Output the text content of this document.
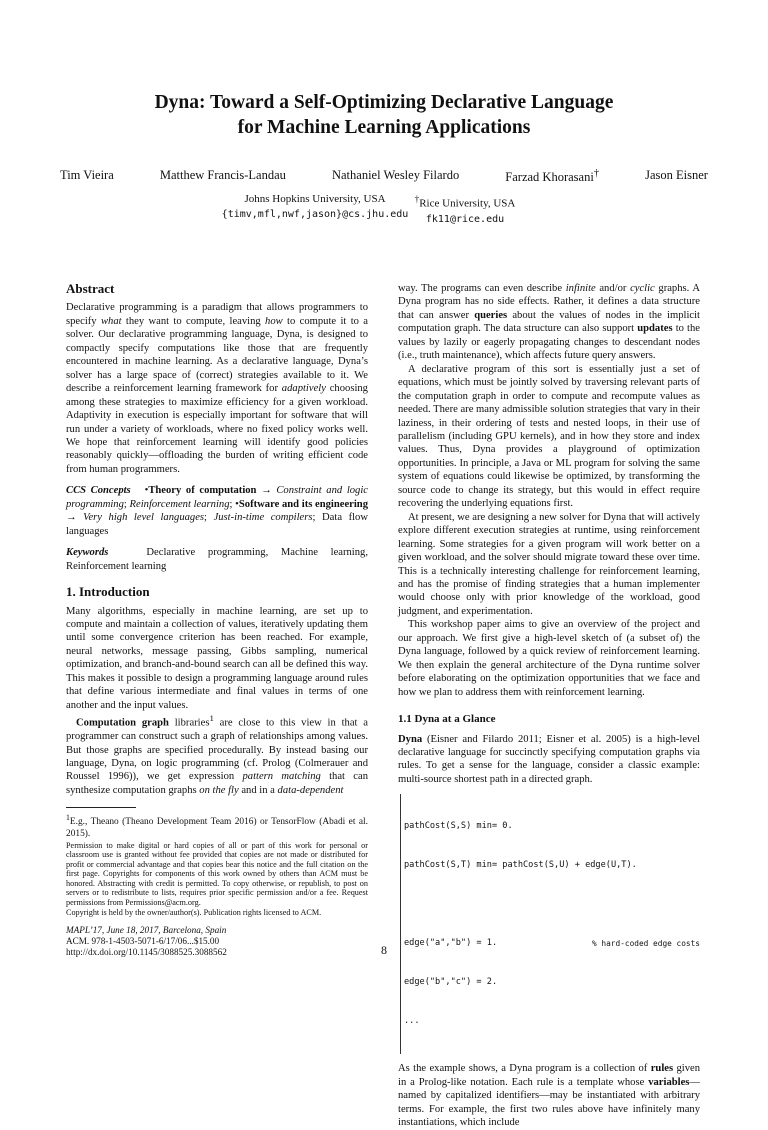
Dyna: Toward a Self-Optimizing Declarative Language
for Machine Learning Applications
Tim Vieira	Matthew Francis-Landau	Nathaniel Wesley Filardo	Farzad Khorasani†	Jason Eisner
Johns Hopkins University, USA
{timv,mfl,nwf,jason}@cs.jhu.edu
†Rice University, USA
fk11@rice.edu
Abstract

Declarative programming is a paradigm that allows programmers to specify what they want to compute, leaving how to compute it to a solver. Our declarative programming language, Dyna, is designed to compactly specify computations like those that are frequently encountered in machine learning. As a declarative language, Dyna’s solver has a large space of (correct) strategies available to it. We describe a reinforcement learning framework for adaptively choosing among these strategies to maximize efficiency for a given workload. Adaptivity in execution is especially important for software that will run under a variety of workloads, where no fixed policy works well. We hope that reinforcement learning will identify good policies reasonably quickly—offloading the burden of writing efficient code from human programmers.

CCS Concepts •Theory of computation → Constraint and logic programming; Reinforcement learning; •Software and its engineering → Very high level languages; Just-in-time compilers; Data flow languages

Keywords	Declarative programming, Machine learning, Reinforcement learning

1. Introduction

Many algorithms, especially in machine learning, are set up to compute and maintain a collection of values, iteratively updating them until some convergence criterion has been reached. For example, neural networks, message passing, Gibbs sampling, numerical optimization, and branch-and-bound search can all be defined this way. This makes it possible to design a programming language around rules that define various intermediate and final values in terms of one another and the input values.

Computation graph libraries$^1$ are close to this view in that a programmer can construct such a graph of relationships among values. But those graphs are specified procedurally. By instead basing our language, Dyna, on logic programming (cf. Prolog (Colmerauer and Roussel 1996)), we get expression pattern matching that can synthesize computation graphs on the fly and in a data-dependent

$^1$E.g., Theano (Theano Development Team 2016) or TensorFlow (Abadi et al. 2015).

Permission to make digital or hard copies of all or part of this work for personal or classroom use is granted without fee provided that copies are not made or distributed for profit or commercial advantage and that copies bear this notice and the full citation on the first page. Copyrights for components of this work owned by others than ACM must be honored. Abstracting with credit is permitted. To copy otherwise, or republish, to post on servers or to redistribute to lists, requires prior specific permission and/or a fee. Request permissions from Permissions@acm.org.

Copyright is held by the owner/author(s). Publication rights licensed to ACM.

MAPL’17, June 18, 2017, Barcelona, Spain
ACM. 978-1-4503-5071-6/17/06...$15.00
http://dx.doi.org/10.1145/3088525.3088562

way. The programs can even describe infinite and/or cyclic graphs. A Dyna program has no side effects. Rather, it defines a data structure that can answer queries about the values of nodes in the implicit computation graph. The data structure can also support updates to the values by lazily or eagerly propagating changes to descendant nodes (i.e., truth maintenance), which affects future query answers.

A declarative program of this sort is essentially just a set of equations, which must be jointly solved by traversing relevant parts of the computation graph in order to compute and recompute values as needed. There are many admissible solution strategies that vary in their laziness, in their ordering of tests and nested loops, in their use of parallelism (including GPU kernels), and in how they store and index values. Thus, Dyna provides a playground of optimization opportunities. In principle, a Java or ML program for solving the same system of equations could likewise be optimized, by transforming the source code to change its strategy, but this would in effect require recovering the underlying equations first.

At present, we are designing a new solver for Dyna that will actively explore different execution strategies at runtime, using reinforcement learning. Some strategies for a given program will work better on a given workload, and the solver should migrate toward these over time. This is a technically interesting challenge for reinforcement learning, and has the promise of finding strategies that a human implementer would choose only with prior knowledge of the workload, good judgment, and experimentation.

This workshop paper aims to give an overview of the project and our approach. We first give a high-level sketch of (a subset of) the Dyna language, followed by a quick review of reinforcement learning. We then explain the general architecture of the Dyna runtime solver before elaborating on the optimization opportunities that we face and how we plan to address them with reinforcement learning.

1.1 Dyna at a Glance

Dyna (Eisner and Filardo 2011; Eisner et al. 2005) is a high-level declarative language for succinctly specifying computation graphs via rules. To get a sense for the language, consider a classic example: multi-source shortest path in a directed graph.

pathCost(S,S) min= 0.

pathCost(S,T) min= pathCost(S,U) + edge(U,T).

edge("a","b") = 1.	% hard-coded edge costs

edge("b","c") = 2.

...

As the example shows, a Dyna program is a collection of rules given in a Prolog-like notation. Each rule is a template whose variables—named by capitalized identifiers—may be instantiated with arbitrary terms. For example, the first two rules above have infinitely many instantiations, which include

8
